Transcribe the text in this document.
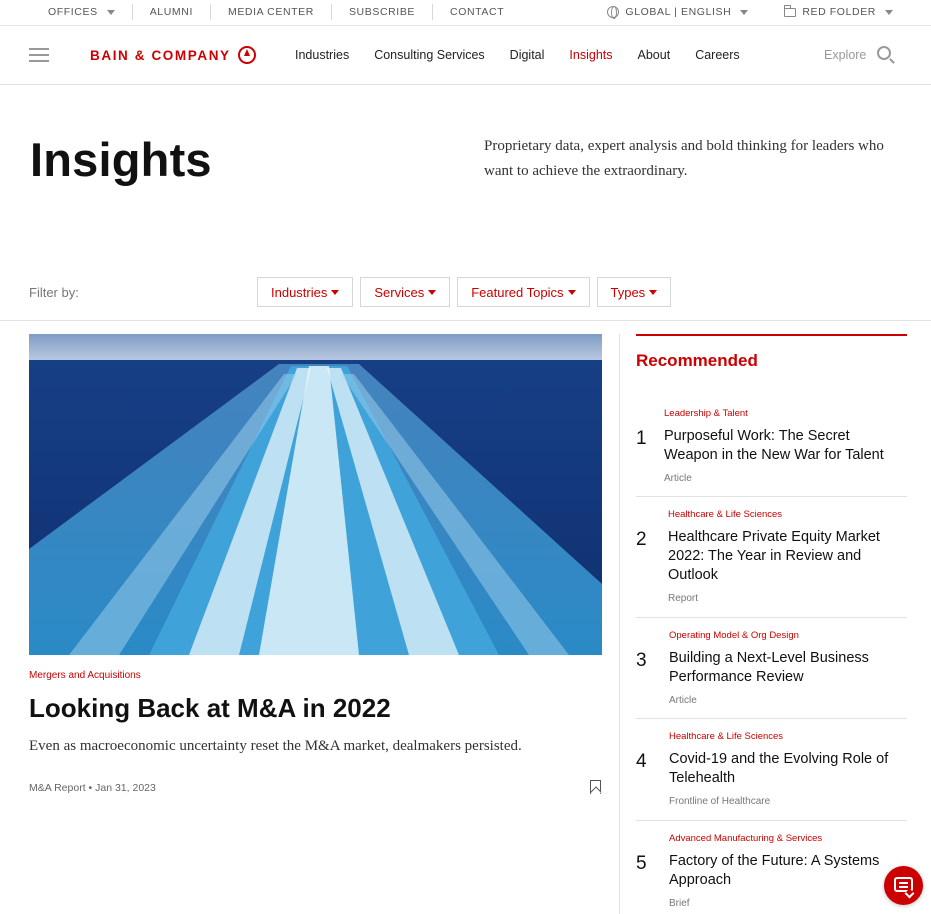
OFFICES	ALUMNI	MEDIA CENTER	SUBSCRIBE	CONTACT	GLOBAL | ENGLISH	RED FOLDER
BAIN & COMPANY	Industries Consulting Services Digital Insights About Careers	Explore
Insights	Proprietary data, expert analysis and bold thinking for leaders who want to achieve the extraordinary.

Filter by:	Industries	Services	Featured Topics	Types
Mergers and Acquisitions
Looking Back at M&A in 2022

Even as macroeconomic uncertainty reset the M&A market, dealmakers persisted.

M&A Report • Jan 31, 2023
Recommended
Leadership & Talent
1 Purposeful Work: The Secret Weapon in the New War for Talent
Article
Healthcare & Life Sciences
2 Healthcare Private Equity Market 2022: The Year in Review and Outlook
Report
Operating Model & Org Design
3 Building a Next-Level Business Performance Review
Article
Healthcare & Life Sciences
4 Covid-19 and the Evolving Role of Telehealth
Frontline of Healthcare
Advanced Manufacturing & Services
5 Factory of the Future: A Systems Approach
Brief
